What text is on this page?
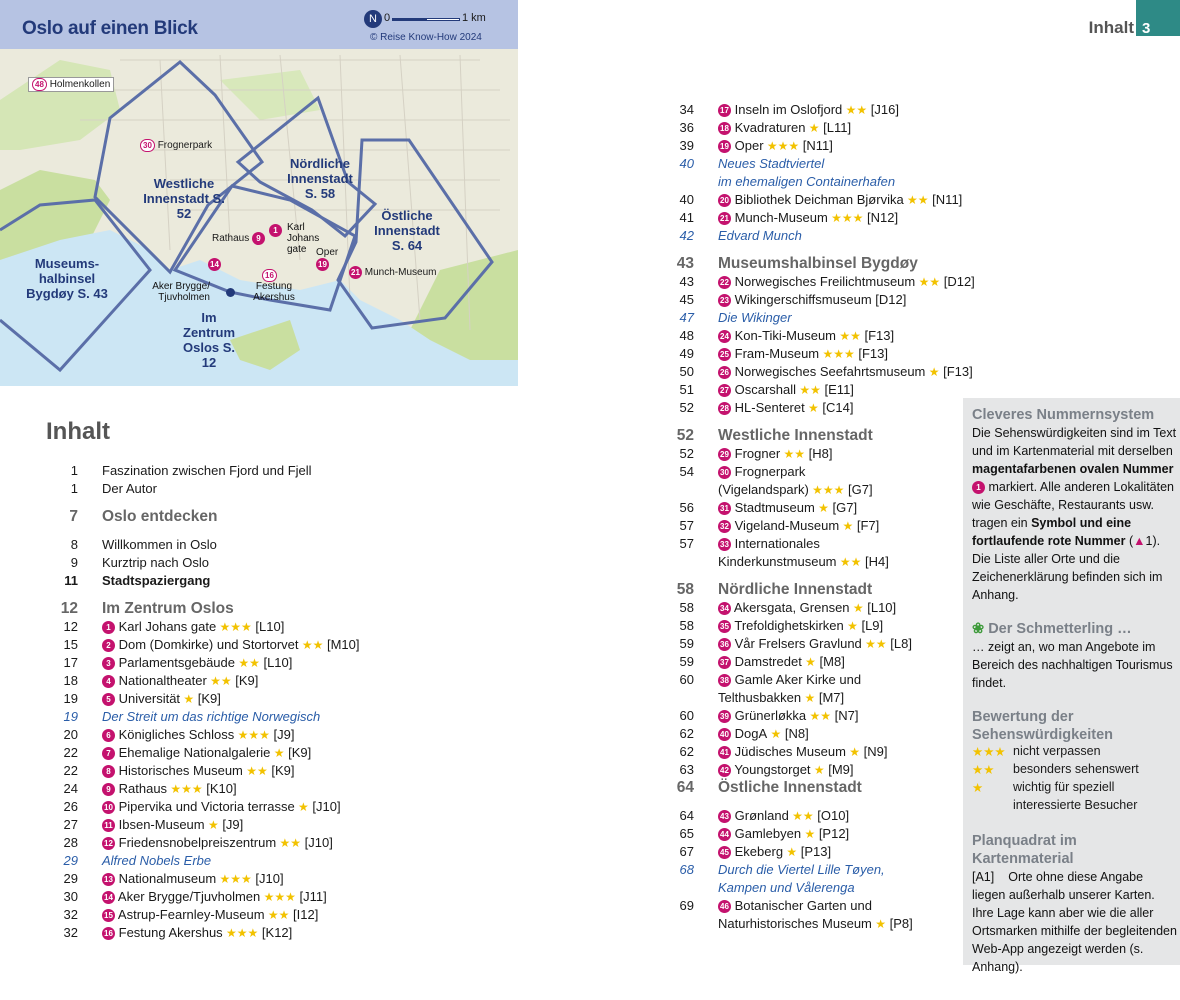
Oslo auf einen Blick	N 0	1 km
© Reise Know-How 2024
Westliche Innenstadt S. 52
Nördliche Innenstadt S. 58
Östliche Innenstadt S. 64
Museums-halbinsel Bygdøy S. 43
Im Zentrum Oslos S. 12
48 Holmenkollen
30 Frognerpark
Rathaus 9
1 Karl Johans gate Oper
19
14
Aker Brygge/ Tjuvholmen
16
Festung Akershus
21 Munch-Museum
Inhalt 3
Inhalt
1 Faszination zwischen Fjord und Fjell
1 Der Autor
7 Oslo entdecken
8 Willkommen in Oslo
9 Kurztrip nach Oslo
11 Stadtspaziergang
12 Im Zentrum Oslos
12	1 Karl Johans gate ★★★ [L10]
15	2 Dom (Domkirke) und Stortorvet ★★ [M10]
17	3 Parlamentsgebäude ★★ [L10]
18	4 Nationaltheater ★★ [K9]
19	5 Universität ★ [K9]
19 Der Streit um das richtige Norwegisch
20	6 Königliches Schloss ★★★ [J9]
22	7 Ehemalige Nationalgalerie ★ [K9]
22	8 Historisches Museum ★★ [K9]
24	9 Rathaus ★★★ [K10]
26	10 Pipervika und Victoria terrasse ★ [J10]
27	11 Ibsen-Museum ★ [J9]
28	12 Friedensnobelpreiszentrum ★★ [J10]
29 Alfred Nobels Erbe
29	13 Nationalmuseum ★★★ [J10]
30	14 Aker Brygge/Tjuvholmen ★★★ [J11]
32	15 Astrup-Fearnley-Museum ★★ [I12]
32	16 Festung Akershus ★★★ [K12]
34	17 Inseln im Oslofjord ★★ [J16]
36	18 Kvadraturen ★ [L11]
39	19 Oper ★★★ [N11]
40 Neues Stadtviertel
im ehemaligen Containerhafen
40	20 Bibliothek Deichman Bjørvika ★★ [N11]
41	21 Munch-Museum ★★★ [N12]
42 Edvard Munch
43 Museumshalbinsel Bygdøy
43	22 Norwegisches Freilichtmuseum ★★ [D12]
45	23 Wikingerschiffsmuseum [D12]
47 Die Wikinger
48	24 Kon-Tiki-Museum ★★ [F13]
49	25 Fram-Museum ★★★ [F13]
50	26 Norwegisches Seefahrtsmuseum ★ [F13]
51	27 Oscarshall ★★ [E11]
52	28 HL-Senteret ★ [C14]
52 Westliche Innenstadt
52	29 Frogner ★★ [H8]
54	30 Frognerpark
(Vigelandspark) ★★★ [G7]
56	31 Stadtmuseum ★ [G7]
57	32 Vigeland-Museum ★ [F7]
57	33 Internationales
Kinderkunstmuseum ★★ [H4]
58 Nördliche Innenstadt
58	34 Akersgata, Grensen ★ [L10]
58	35 Trefoldighetskirken ★ [L9]
59	36 Vår Frelsers Gravlund ★★ [L8]
59	37 Damstredet ★ [M8]
60	38 Gamle Aker Kirke und
Telthusbakken ★ [M7]
60	39 Grünerløkka ★★ [N7]
62	40 DogA ★ [N8]
62	41 Jüdisches Museum ★ [N9]
63	42 Youngstorget ★ [M9]
64 Östliche Innenstadt
64	43 Grønland ★★ [O10]
65	44 Gamlebyen ★ [P12]
67	45 Ekeberg ★ [P13]
68 Durch die Viertel Lille Tøyen,
Kampen und Vålerenga
69	46 Botanischer Garten und
Naturhistorisches Museum ★ [P8]
Cleveres Nummernsystem
Die Sehenswürdigkeiten sind im Text und im Kartenmaterial mit derselben magentafarbenen ovalen Nummer 1 markiert. Alle anderen Lokalitäten wie Geschäfte, Restaurants usw. tragen ein Symbol und eine fortlaufende rote Nummer (▲1). Die Liste aller Orte und die Zeichenerklärung befinden sich im Anhang.
❀ Der Schmetterling …
… zeigt an, wo man Angebote im Bereich des nachhaltigen Tourismus findet.
Bewertung der Sehenswürdigkeiten
★★★ nicht verpassen
★★ besonders sehenswert
★ wichtig für speziell
interessierte Besucher
Planquadrat im Kartenmaterial
[A1] Orte ohne diese Angabe liegen außerhalb unserer Karten. Ihre Lage kann aber wie die aller Ortsmarken mithilfe der begleitenden Web-App angezeigt werden (s. Anhang).
